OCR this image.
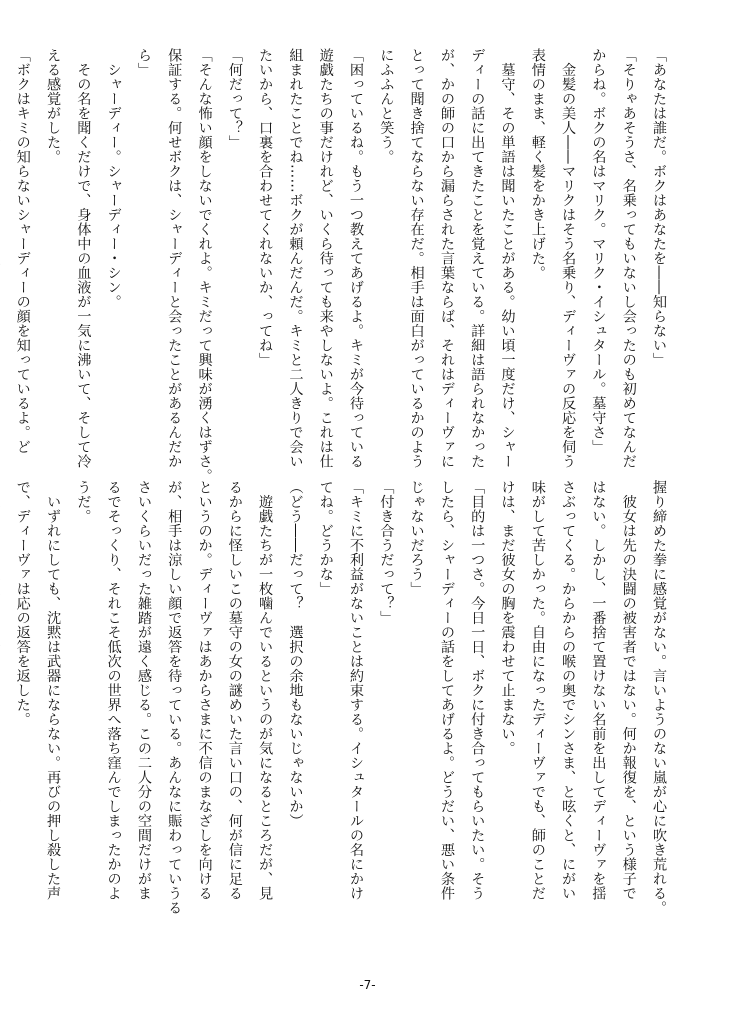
「あなたは誰だ。ボクはあなたを――知らない」
「そりゃあそうさ、名乗ってもいないし会ったのも初めてなんだ
からね。ボクの名はマリク。マリク・イシュタール。墓守さ」
　金髪の美人――マリクはそう名乗り、ディーヴァの反応を伺う
表情のまま、軽く髪をかき上げた。
　墓守、その単語は聞いたことがある。幼い頃一度だけ、シャー
ディーの話に出てきたことを覚えている。詳細は語られなかった
が、かの師の口から漏らされた言葉ならば、それはディーヴァに
とって聞き捨てならない存在だ。相手は面白がっているかのよう
にふふんと笑う。
「困っているね。もう一つ教えてあげるよ。キミが今待っている
遊戯たちの事だけれど、いくら待っても来やしないよ。これは仕
組まれたことでね……ボクが頼んだんだ。キミと二人きりで会い
たいから、口裏を合わせてくれないか、ってね」
「何だって？」
「そんな怖い顔をしないでくれよ。キミだって興味が湧くはずさ。
保証する。何せボクは、シャーディーと会ったことがあるんだか
ら」
　シャーディー。シャーディー・シン。
　その名を聞くだけで、身体中の血液が一気に沸いて、そして冷
える感覚がした。
「ボクはキミの知らないシャーディーの顔を知っているよ。ど
握り締めた拳に感覚がない。言いようのない嵐が心に吹き荒れる。
　彼女は先の決闘の被害者ではない。何か報復を、という様子で
はない。しかし、一番捨て置けない名前を出してディーヴァを揺
さぶってくる。からからの喉の奥でシンさま、と呟くと、にがい
味がして苦しかった。自由になったディーヴァでも、師のことだ
けは、まだ彼女の胸を震わせて止まない。
「目的は一つさ。今日一日、ボクに付き合ってもらいたい。そう
したら、シャーディーの話をしてあげるよ。どうだい、悪い条件
じゃないだろう」
「付き合うだって？」
「キミに不利益がないことは約束する。イシュタールの名にかけ
てね。どうかな」
（どう――だって？　選択の余地もないじゃないか）
　遊戯たちが一枚噛んでいるというのが気になるところだが、見
るからに怪しいこの墓守の女の謎めいた言い口の、何が信に足る
というのか。ディーヴァはあからさまに不信のまなざしを向ける
が、相手は涼しい顔で返答を待っている。あんなに賑わっていうる
さいくらいだった雑踏が遠く感じる。この二人分の空間だけがま
るでそっくり、それこそ低次の世界へ落ち窪んでしまったかのよ
うだ。
　いずれにしても、沈黙は武器にならない。再びの押し殺した声
で、ディーヴァは応の返答を返した。
-7-
